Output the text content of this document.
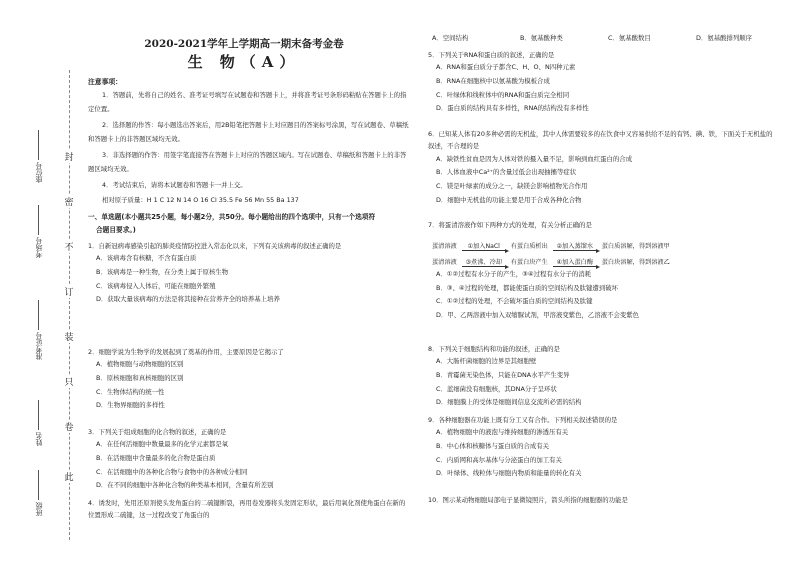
封
密
不
订
装
只
卷
此
座位号
考场号
准考证号
姓名
班级
2020-2021学年上学期高一期末备考金卷
生 物（A）
注意事项：
1．答题前，先将自己的姓名、准考证号填写在试题卷和答题卡上，并将准考证号条形码粘贴在答题卡上的指定位置。
2．选择题的作答：每小题选出答案后，用2B铅笔把答题卡上对应题目的答案标号涂黑，写在试题卷、草稿纸和答题卡上的非答题区域均无效。
3．非选择题的作答：用签字笔直接答在答题卡上对应的答题区域内。写在试题卷、草稿纸和答题卡上的非答题区域均无效。
4．考试结束后，请将本试题卷和答题卡一并上交。
相对原子质量：H 1 C 12 N 14 O 16 Cl 35.5 Fe 56 Mn 55 Ba 137
一、单选题(本小题共25小题，每小题2分，共50分。每小题给出的四个选项中，只有一个选项符
合题目要求。)
1．自新冠病毒感染引起的肺炎疫情防控进入常态化以来，下列有关该病毒的叙述正确的是
A．该病毒含有核糖，不含有蛋白质
B．该病毒是一种生物，在分类上属于原核生物
C．该病毒侵入人体后，可能在细胞外繁殖
D．获取大量该病毒的方法是将其接种在营养齐全的培养基上培养
2．细胞学说为生物学的发展起到了奠基的作用，主要原因是它揭示了
A．植物细胞与动物细胞的区别
B．原核细胞和真核细胞的区别
C．生物体结构的统一性
D．生物界细胞的多样性
3．下列关于组成细胞的化合物的叙述，正确的是
A．在任何活细胞中数量最多的化学元素都是氧
B．在活细胞中含量最多的化合物是蛋白质
C．在活细胞中的各种化合物与食物中的各种成分相同
D．在不同的细胞中各种化合物的种类基本相同，含量有所差别
4．诱发时，先用还原剂使头发角蛋白的二硫键断裂，再用卷发器将头发固定形状，最后用氧化剂使角蛋白在新的位置形成二硫键，这一过程改变了角蛋白的
A．空间结构	B．氨基酸种类	C．氨基酸数目	D．氨基酸排列顺序
5．下列关于RNA和蛋白质的叙述，正确的是
A．RNA和蛋白质分子都含C、H、O、N四种元素
B．RNA在细胞核中以氨基酸为模板合成
C．叶绿体和线粒体中的RNA和蛋白质完全相同
D．蛋白质的结构具有多样性，RNA的结构没有多样性
6．已知某人体有20多种必需的无机盐，其中人体需要较多的在饮食中又容易供给不足的有钙、碘、铁，下面关于无机盐的叙述，不合理的是
A．缺铁性贫血是因为人体对铁的摄入量不足，影响到血红蛋白的合成
B．人体血液中Ca²⁺的含量过低会出现抽搐等症状
C．镁是叶绿素的成分之一，缺镁会影响植物光合作用
D．细胞中无机盐的功能主要是用于合成各种化合物
7．将蛋清溶液作如下两种方式的处理，有关分析正确的是
A．①②过程有水分子的产生，③④过程有水分子的消耗
B．③、④过程的处理，都能使蛋白质的空间结构及肽键遭到破坏
C．①②过程的处理，不会破坏蛋白质的空间结构及肽键
D．甲、乙两溶液中加入双缩脲试剂，甲溶液变紫色，乙溶液不会变紫色
8．下列关于细胞结构和功能的叙述，正确的是
A．大肠杆菌细胞的边界是其细胞壁
B．青霉菌无染色体，只能在DNA水平产生变异
C．蓝细菌没有细胞核，其DNA分子呈环状
D．细胞膜上的受体是细胞间信息交流所必需的结构
9．各种细胞器在功能上既有分工又有合作。下列相关叙述错误的是
A．植物细胞中的液泡与维持细胞的渗透压有关
B．中心体和核糖体与蛋白质的合成有关
C．内质网和高尔基体与分泌蛋白的加工有关
D．叶绿体、线粒体与细胞内物质和能量的转化有关
10．图示某动物细胞局部电子显微镜照片，箭头所指的细胞器的功能是
蛋清溶液 ①加入NaCl 有蛋白质析出 ②加入蒸馏水 蛋白质溶解，得到溶液甲
蛋清溶液 ③煮沸、冷却 有蛋白块产生 ④加入蛋白酶 蛋白块溶解，得到溶液乙
